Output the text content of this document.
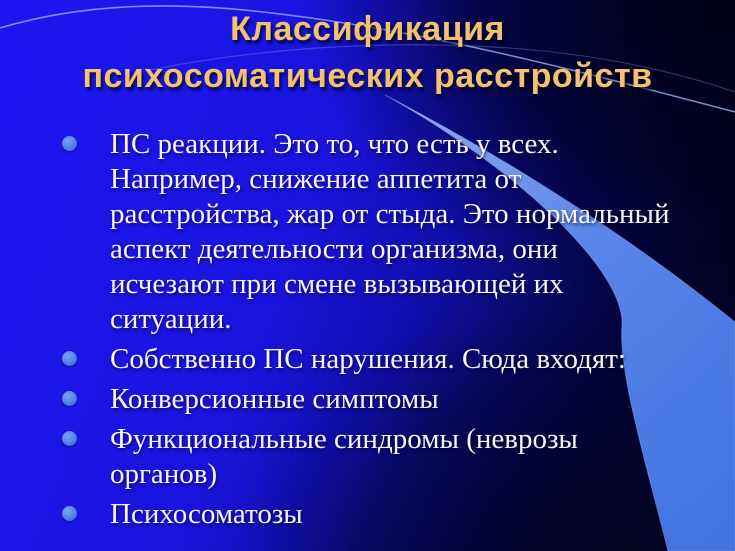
Классификация
психосоматических расстройств
ПС реакции. Это то, что есть у всех.
Например, снижение аппетита от
расстройства, жар от стыда. Это нормальный
аспект деятельности организма, они
исчезают при смене вызывающей их
ситуации.
Собственно ПС нарушения. Сюда входят:
Конверсионные симптомы
Функциональные синдромы (неврозы
органов)
Психосоматозы
